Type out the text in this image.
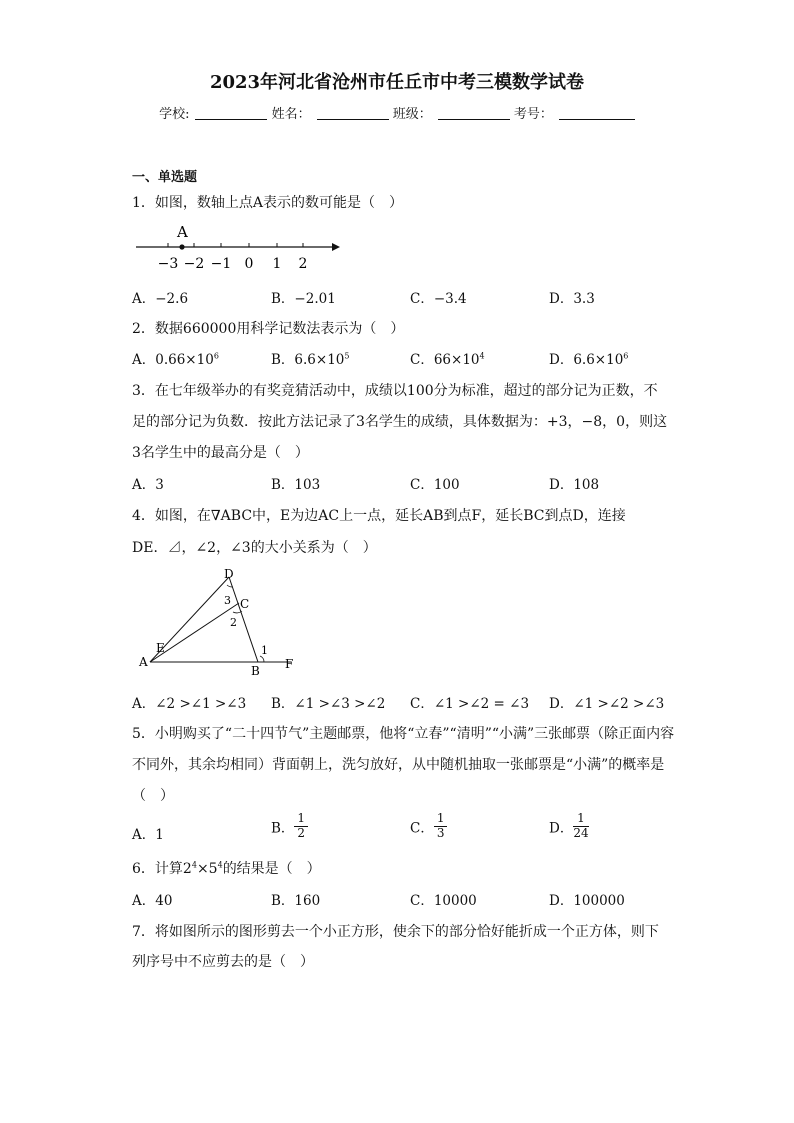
2023年河北省沧州市任丘市中考三模数学试卷
学校:	姓名：	班级：	考号：
一、单选题
1．如图，数轴上点A表示的数可能是（　）
A
−3 −2 −1 0 1 2
A．−2.6	B．−2.01	C．−3.4	D．3.3
2．数据660000用科学记数法表示为（　）
A．$0.66\times 10^6$	B．$6.6\times 10^5$	C．$66\times 10^4$	D．$6.6\times 10^6$
3．在七年级举办的有奖竞猜活动中，成绩以100分为标准，超过的部分记为正数，不
足的部分记为负数．按此方法记录了3名学生的成绩，具体数据为：+3，−8，0，则这
3名学生中的最高分是（　）
A．3	B．103	C．100	D．108
4．如图，在∇ABC中，E为边AC上一点，延长AB到点F，延长BC到点D，连接
DE．⊿，∠2，∠3的大小关系为（　）
D
3 C
2
E
A
B
1
F
A．∠2 >∠1 >∠3 B．∠1 >∠3 >∠2 C．∠1 >∠2 = ∠3 D．∠1 >∠2 >∠3
5．小明购买了“二十四节气”主题邮票，他将“立春”“清明”“小满”三张邮票（除正面内容
不同外，其余均相同）背面朝上，洗匀放好，从中随机抽取一张邮票是“小满”的概率是
（　）
A．1	B． $\frac{1}{2}$	C． $\frac{1}{3}$	D． $\frac{1}{24}$
6．计算$2^4\times 5^4$的结果是（　）
A．40	B．160	C．10000	D．100000
7．将如图所示的图形剪去一个小正方形，使余下的部分恰好能折成一个正方体，则下
列序号中不应剪去的是（　）
